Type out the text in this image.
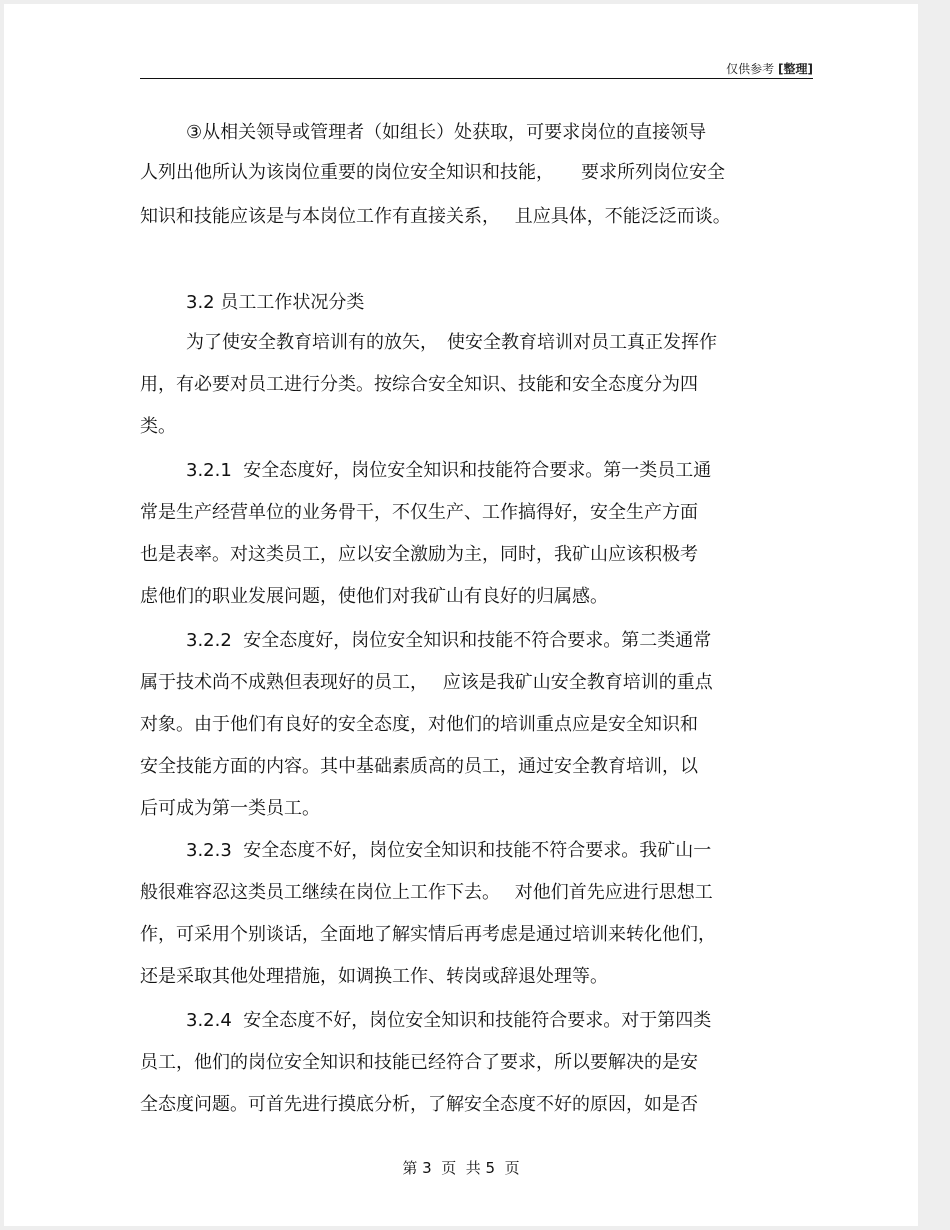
仅供参考 [整理]
③从相关领导或管理者（如组长）处获取，可要求岗位的直接领导
人列出他所认为该岗位重要的岗位安全知识和技能，　　要求所列岗位安全
知识和技能应该是与本岗位工作有直接关系，　 且应具体，不能泛泛而谈。
3.2 员工工作状况分类
为了使安全教育培训有的放矢，　使安全教育培训对员工真正发挥作
用，有必要对员工进行分类。按综合安全知识、技能和安全态度分为四
类。
3.2.1  安全态度好，岗位安全知识和技能符合要求。第一类员工通
常是生产经营单位的业务骨干，不仅生产、工作搞得好，安全生产方面
也是表率。对这类员工，应以安全激励为主，同时，我矿山应该积极考
虑他们的职业发展问题，使他们对我矿山有良好的归属感。
3.2.2  安全态度好，岗位安全知识和技能不符合要求。第二类通常
属于技术尚不成熟但表现好的员工，　 应该是我矿山安全教育培训的重点
对象。由于他们有良好的安全态度，对他们的培训重点应是安全知识和
安全技能方面的内容。其中基础素质高的员工，通过安全教育培训，以
后可成为第一类员工。
3.2.3  安全态度不好，岗位安全知识和技能不符合要求。我矿山一
般很难容忍这类员工继续在岗位上工作下去。　 对他们首先应进行思想工
作，可采用个别谈话，全面地了解实情后再考虑是通过培训来转化他们，
还是采取其他处理措施，如调换工作、转岗或辞退处理等。
3.2.4  安全态度不好，岗位安全知识和技能符合要求。对于第四类
员工，他们的岗位安全知识和技能已经符合了要求，所以要解决的是安
全态度问题。可首先进行摸底分析，了解安全态度不好的原因，如是否
第 3  页  共 5  页
